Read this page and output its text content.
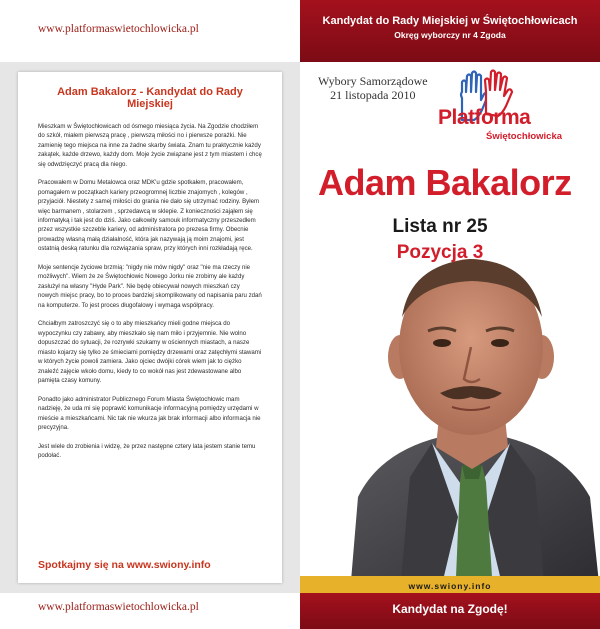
www.platformaswietochlowicka.pl
Kandydat do Rady Miejskiej w Świętochłowicach
Okręg wyborczy nr 4 Zgoda
Adam Bakalorz - Kandydat do Rady Miejskiej

Mieszkam w Świętochłowicach od ósmego miesiąca życia. Na Zgodzie chodziłem do szkół, miałem pierwszą pracę , pierwszą miłości no i pierwsze porażki. Nie zamienię tego miejsca na inne za żadne skarby świata. Znam tu praktycznie każdy zakątek, każde drzewo, każdy dom. Moje życie związane jest z tym miastem i chcę się odwdzięczyć pracą dla niego.

Pracowałem w Domu Metalowca oraz MDK'u gdzie spotkałem, pracowałem, pomagałem w początkach kariery przeogromnej liczbie znajomych , kolegów , przyjaciół. Niestety z samej miłości do grania nie dało się utrzymać rodziny. Byłem więc barmanem , stolarzem , sprzedawcą w sklepie. Z konieczności zająłem się informatyką i tak jest do dziś. Jako całkowity samouk informatyczny przeszedłem przez wszystkie szczeble kariery, od administratora po prezesa firmy. Obecnie prowadzę własną małą działalność, która jak nazywają ją moim znajomi, jest ostatnią deską ratunku dla rozwiązania spraw, przy których inni rozkładają ręce.

Moje sentencje życiowe brzmią: "nigdy nie mów nigdy" oraz "nie ma rzeczy nie możliwych". Wiem że ze Świętochłowic Nowego Jorku nie zrobimy ale każdy zasłużył na własny "Hyde Park". Nie będę obiecywał nowych mieszkań czy nowych miejsc pracy, bo to proces bardziej skomplikowany od napisania paru zdań na komputerze. To jest proces długofalowy i wymaga współpracy.

Chciałbym zatroszczyć się o to aby mieszkańcy mieli godne miejsca do wypoczynku czy zabawy, aby mieszkało się nam miło i przyjemnie. Nie wolno dopuszczać do sytuacji, że rozrywki szukamy w ościennych miastach, a nasze miasto kojarzy się tylko ze śmieciami pomiędzy drzewami oraz zatęchłymi stawami w których życie powoli zamiera. Jako ojciec dwójki córek wiem jak to ciężko znaleźć zajęcie wkoło domu, kiedy to co wokół nas jest zdewastowane albo pamięta czasy komuny.

Ponadto jako administrator Publicznego Forum Miasta Świętochłowic mam nadzieję, że uda mi się poprawić komunikacje informacyjną pomiędzy urzędami w mieście a mieszkańcami. Nic tak nie wkurza jak brak informacji albo informacja nie precyzyjna.

Jest wiele do zrobienia i widzę, że przez następne cztery lata jestem stanie temu podołać.

Spotkajmy się na www.swiony.info
Wybory Samorządowe
21 listopada 2010
Platforma
Świętochłowicka
Adam Bakalorz
Lista nr 25
Pozycja 3
www.swiony.info
www.platformaswietochlowicka.pl	Kandydat na Zgodę!
